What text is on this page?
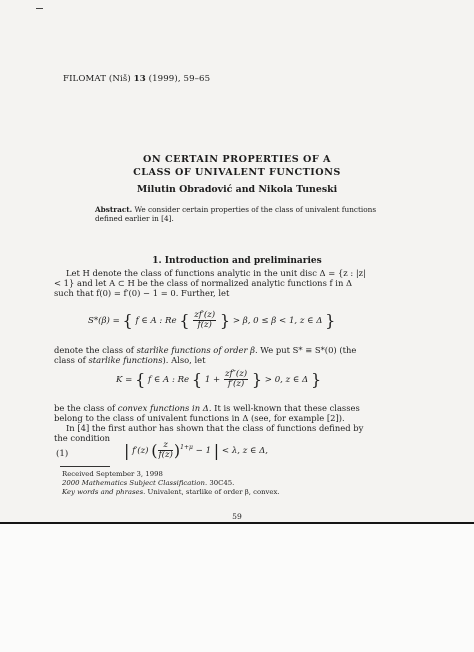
FILOMAT (Niš) 13 (1999), 59–65
ON CERTAIN PROPERTIES OF A
CLASS OF UNIVALENT FUNCTIONS
Milutin Obradović and Nikola Tuneski
Abstract. We consider certain properties of the class of univalent functions defined earlier in [4].
1. Introduction and preliminaries
Let H denote the class of functions analytic in the unit disc Δ = {z : |z| < 1} and let A ⊂ H be the class of normalized analytic functions f in Δ such that f(0) = f′(0) − 1 = 0. Further, let
S*(β) = { f ∈ A : Re { $\frac{zf'(z)}{f(z)}$ } > β, 0 ≤ β < 1, z ∈ Δ }
denote the class of starlike functions of order β. We put S* ≡ S*(0) (the class of starlike functions). Also, let
K = { f ∈ A : Re { $1 + \frac{zf''(z)}{f'(z)}$ } > 0, z ∈ Δ }
be the class of convex functions in Δ. It is well-known that these classes belong to the class of univalent functions in Δ (see, for example [2]).
In [4] the first author has shown that the class of functions defined by the condition
(1)	| f′(z) ( $\frac{z}{f(z)} )^{1+\mu} - 1$ | < λ, z ∈ Δ,
Received September 3, 1998
2000 Mathematics Subject Classification. 30C45.
Key words and phrases. Univalent, starlike of order β, convex.
59
